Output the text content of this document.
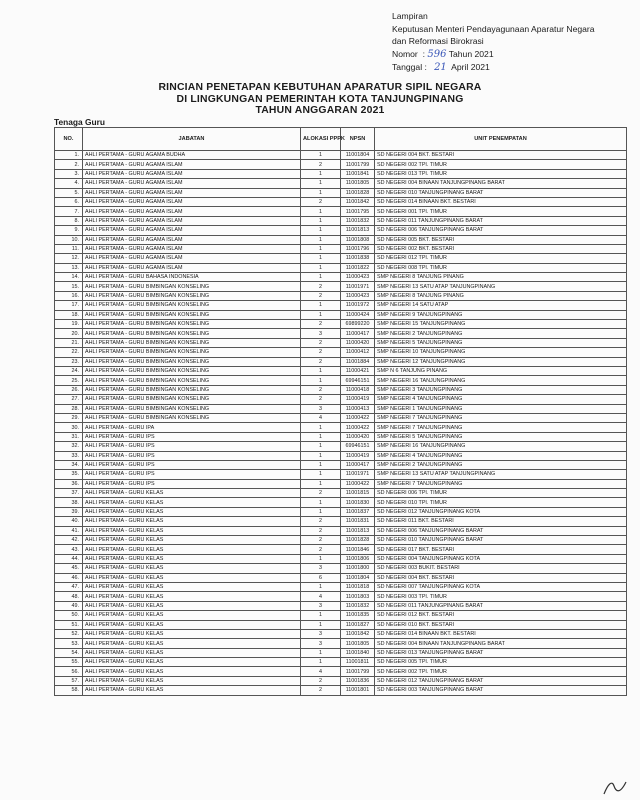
Lampiran
Keputusan Menteri Pendayagunaan Aparatur Negara
dan Reformasi Birokrasi
Nomor  : 596 Tahun 2021
Tanggal :   21 April 2021
RINCIAN PENETAPAN KEBUTUHAN APARATUR SIPIL NEGARA
DI LINGKUNGAN PEMERINTAH KOTA TANJUNGPINANG
TAHUN ANGGARAN 2021
Tenaga Guru
NO.	JABATAN	ALOKASI PPPK	NPSN	UNIT PENEMPATAN
1.	AHLI PERTAMA - GURU AGAMA BUDHA	1	11001804	SD NEGERI 004 BKT. BESTARI
2.	AHLI PERTAMA - GURU AGAMA ISLAM	2	11001799	SD NEGERI 002 TPI. TIMUR
3.	AHLI PERTAMA - GURU AGAMA ISLAM	1	11001841	SD NEGERI 013 TPI. TIMUR
4.	AHLI PERTAMA - GURU AGAMA ISLAM	1	11001805	SD NEGERI 004 BINAAN TANJUNGPINANG BARAT
5.	AHLI PERTAMA - GURU AGAMA ISLAM	1	11001828	SD NEGERI 010 TANJUNGPINANG BARAT
6.	AHLI PERTAMA - GURU AGAMA ISLAM	2	11001842	SD NEGERI 014 BINAAN BKT. BESTARI
7.	AHLI PERTAMA - GURU AGAMA ISLAM	1	11001795	SD NEGERI 001 TPI. TIMUR
8.	AHLI PERTAMA - GURU AGAMA ISLAM	1	11001832	SD NEGERI 011 TANJUNGPINANG BARAT
9.	AHLI PERTAMA - GURU AGAMA ISLAM	1	11001813	SD NEGERI 006 TANJUNGPINANG BARAT
10.	AHLI PERTAMA - GURU AGAMA ISLAM	1	11001808	SD NEGERI 005 BKT. BESTARI
11.	AHLI PERTAMA - GURU AGAMA ISLAM	1	11001796	SD NEGERI 002 BKT. BESTARI
12.	AHLI PERTAMA - GURU AGAMA ISLAM	1	11001838	SD NEGERI 012 TPI. TIMUR
13.	AHLI PERTAMA - GURU AGAMA ISLAM	1	11001822	SD NEGERI 008 TPI. TIMUR
14.	AHLI PERTAMA - GURU BAHASA INDONESIA	1	11000423	SMP NEGERI 8 TANJUNG PINANG
15.	AHLI PERTAMA - GURU BIMBINGAN KONSELING	2	11001971	SMP NEGERI 13 SATU ATAP TANJUNGPINANG
16.	AHLI PERTAMA - GURU BIMBINGAN KONSELING	2	11000423	SMP NEGERI 8 TANJUNG PINANG
17.	AHLI PERTAMA - GURU BIMBINGAN KONSELING	1	11001972	SMP NEGERI 14 SATU ATAP
18.	AHLI PERTAMA - GURU BIMBINGAN KONSELING	1	11000424	SMP NEGERI 9 TANJUNGPINANG
19.	AHLI PERTAMA - GURU BIMBINGAN KONSELING	2	69899220	SMP NEGERI 15 TANJUNGPINANG
20.	AHLI PERTAMA - GURU BIMBINGAN KONSELING	3	11000417	SMP NEGERI 2 TANJUNGPINANG
21.	AHLI PERTAMA - GURU BIMBINGAN KONSELING	2	11000420	SMP NEGERI 5 TANJUNGPINANG
22.	AHLI PERTAMA - GURU BIMBINGAN KONSELING	2	11000412	SMP NEGERI 10 TANJUNGPINANG
23.	AHLI PERTAMA - GURU BIMBINGAN KONSELING	2	11001884	SMP NEGERI 12 TANJUNGPINANG
24.	AHLI PERTAMA - GURU BIMBINGAN KONSELING	1	11000421	SMP N 6 TANJUNG PINANG
25.	AHLI PERTAMA - GURU BIMBINGAN KONSELING	1	69946151	SMP NEGERI 16 TANJUNGPINANG
26.	AHLI PERTAMA - GURU BIMBINGAN KONSELING	2	11000418	SMP NEGERI 3 TANJUNGPINANG
27.	AHLI PERTAMA - GURU BIMBINGAN KONSELING	2	11000419	SMP NEGERI 4 TANJUNGPINANG
28.	AHLI PERTAMA - GURU BIMBINGAN KONSELING	3	11000413	SMP NEGERI 1 TANJUNGPINANG
29.	AHLI PERTAMA - GURU BIMBINGAN KONSELING	4	11000422	SMP NEGERI 7 TANJUNGPINANG
30.	AHLI PERTAMA - GURU IPA	1	11000422	SMP NEGERI 7 TANJUNGPINANG
31.	AHLI PERTAMA - GURU IPS	1	11000420	SMP NEGERI 5 TANJUNGPINANG
32.	AHLI PERTAMA - GURU IPS	1	69946151	SMP NEGERI 16 TANJUNGPINANG
33.	AHLI PERTAMA - GURU IPS	1	11000419	SMP NEGERI 4 TANJUNGPINANG
34.	AHLI PERTAMA - GURU IPS	1	11000417	SMP NEGERI 2 TANJUNGPINANG
35.	AHLI PERTAMA - GURU IPS	1	11001971	SMP NEGERI 13 SATU ATAP TANJUNGPINANG
36.	AHLI PERTAMA - GURU IPS	1	11000422	SMP NEGERI 7 TANJUNGPINANG
37.	AHLI PERTAMA - GURU KELAS	2	11001815	SD NEGERI 006 TPI. TIMUR
38.	AHLI PERTAMA - GURU KELAS	1	11001830	SD NEGERI 010 TPI. TIMUR
39.	AHLI PERTAMA - GURU KELAS	1	11001837	SD NEGERI 012 TANJUNGPINANG KOTA
40.	AHLI PERTAMA - GURU KELAS	2	11001831	SD NEGERI 011 BKT. BESTARI
41.	AHLI PERTAMA - GURU KELAS	2	11001813	SD NEGERI 006 TANJUNGPINANG BARAT
42.	AHLI PERTAMA - GURU KELAS	2	11001828	SD NEGERI 010 TANJUNGPINANG BARAT
43.	AHLI PERTAMA - GURU KELAS	2	11001846	SD NEGERI 017 BKT. BESTARI
44.	AHLI PERTAMA - GURU KELAS	1	11001806	SD NEGERI 004 TANJUNGPINANG KOTA
45.	AHLI PERTAMA - GURU KELAS	3	11001800	SD NEGERI 003 BUKIT. BESTARI
46.	AHLI PERTAMA - GURU KELAS	6	11001804	SD NEGERI 004 BKT. BESTARI
47.	AHLI PERTAMA - GURU KELAS	1	11001818	SD NEGERI 007 TANJUNGPINANG KOTA
48.	AHLI PERTAMA - GURU KELAS	4	11001803	SD NEGERI 003 TPI. TIMUR
49.	AHLI PERTAMA - GURU KELAS	3	11001832	SD NEGERI 011 TANJUNGPINANG BARAT
50.	AHLI PERTAMA - GURU KELAS	1	11001835	SD NEGERI 012 BKT. BESTARI
51.	AHLI PERTAMA - GURU KELAS	1	11001827	SD NEGERI 010 BKT. BESTARI
52.	AHLI PERTAMA - GURU KELAS	3	11001842	SD NEGERI 014 BINAAN BKT. BESTARI
53.	AHLI PERTAMA - GURU KELAS	3	11001805	SD NEGERI 004 BINAAN TANJUNGPINANG BARAT
54.	AHLI PERTAMA - GURU KELAS	1	11001840	SD NEGERI 013 TANJUNGPINANG BARAT
55.	AHLI PERTAMA - GURU KELAS	1	11001811	SD NEGERI 005 TPI. TIMUR
56.	AHLI PERTAMA - GURU KELAS	4	11001799	SD NEGERI 002 TPI. TIMUR
57.	AHLI PERTAMA - GURU KELAS	2	11001836	SD NEGERI 012 TANJUNGPINANG BARAT
58.	AHLI PERTAMA - GURU KELAS	2	11001801	SD NEGERI 003 TANJUNGPINANG BARAT
